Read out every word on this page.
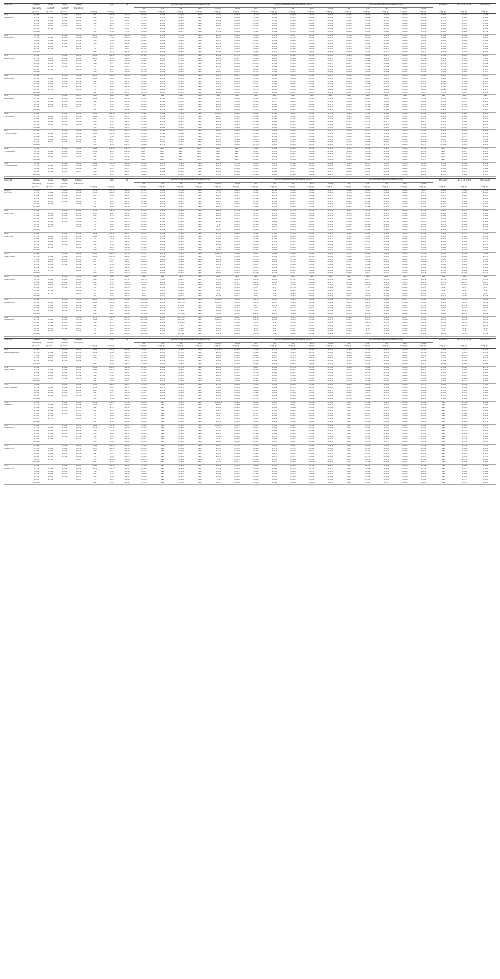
Soil ID	Mean	Low	High	Mass		OC	N	Pyrophosphate-extractable (PP)						Acid-oxalate-extractable (OX)					Dithionite-extractable (DC)					PP-extr.	Al + 0.5 Fe	DC-extr.
	density	cutoff	cutoff	fraction				Al	Fe	Si	Mn	DOC	TDN	Al	Fe	Si	Mn	TDN	Al	Fe	Si	Mn	TDN			
	g cm⁻³	g cm⁻³	g cm⁻³		mg g⁻¹	mg g⁻¹		mg g⁻¹	mg g⁻¹	mg g⁻¹	mg g⁻¹	mg g⁻¹	mg g⁻¹	mg g⁻¹	mg g⁻¹	mg g⁻¹	mg g⁻¹	mg g⁻¹	mg g⁻¹	mg g⁻¹	mg g⁻¹	mg g⁻¹	mg g⁻¹	mg g⁻¹	mg g⁻¹	mg g⁻¹
A-1	1.40		1.60	0.22	21	21.9	15.5	2.02	1.40	0.95	NA	73.5	0.64	5.74	3.61	0.84	0.13	0.41	1.40	5.95	1.34	0.03	0.38	5.28	4.35	7.56
NIA-NTb	1.70	1.60	1.80	0.09	52	4.8	10.8	1.55	1.72	0.48	NA	58.4	0.49	5.19	4.38	0.85	0.10	0.35	1.72	5.62	1.62	0.03	0.30	6.49	5.66	8.46
	1.90	1.80	2.00	0.21	28	3.1	9.0	1.13	1.21	0.29	NA	43.2	0.29	4.33	3.35	0.66	0.07	0.29	1.21	5.11	1.35	0.02	0.24	5.57	4.70	7.48
	2.11	2.00	2.25	0.27	11	1.4	7.9	0.61	0.58	0.19	NA	25.4	0.18	2.52	1.85	0.41	0.04	0.18	0.58	3.58	0.92	0.01	0.16	3.22	2.87	4.34
	2.35	2.25	2.50	0.15	5	0.7	7.1	0.33	0.30	0.10	NA	12.3	0.09	1.26	0.95	0.22	0.02	0.09	0.30	2.02	0.50	0.01	0.08	1.85	1.71	2.50
	2.55	2.50		0.06	3	0.4	6.8	0.19	0.18	0.06	NA	7.8	0.05	0.77	0.59	0.13	0.01	0.06	0.18	1.25	0.31	0.00	0.05	1.06	0.98	1.40
	BULK				13	1.9	7.4	0.88	0.89	0.27	NA	33.9	0.26	3.12	2.46	0.53	0.06	0.21	0.89	3.65	0.98	0.02	0.19	4.43	3.68	4.79
A-2	1.40		1.60	0.12	213	14.8	14.4	1.87	1.52	0.76	NA	88.1	0.63	5.86	3.74	0.87	0.12	0.42	1.52	6.21	1.20	0.03	0.35	5.44	4.56	7.62
NIA-NTb	1.70	1.60	1.80	0.10	101	7.6	13.3	1.31	1.21	0.45	NA	62.5	0.42	4.93	3.12	0.76	0.09	0.35	1.21	5.50	1.11	0.02	0.29	4.86	4.01	6.63
	1.90	1.80	2.00	0.18	45	3.8	11.8	0.91	0.82	0.28	NA	44.7	0.29	3.81	2.52	0.60	0.07	0.27	0.82	4.67	0.94	0.02	0.22	4.20	3.40	5.56
	2.11	2.00	2.25	0.31	16	1.6	10.0	0.48	0.44	0.13	NA	22.2	0.15	2.11	1.46	0.36	0.04	0.16	0.44	3.06	0.62	0.01	0.13	2.57	2.10	3.27
	2.35	2.25	2.50	0.18	7	0.8	8.8	0.25	0.22	0.07	NA	11.4	0.08	1.11	0.79	0.19	0.02	0.08	0.22	1.79	0.37	0.00	0.07	1.42	1.23	1.80
	2.55	2.50		0.11	4	0.5	8.0	0.15	0.13	0.04	NA	6.8	0.05	0.65	0.46	0.12	0.01	0.05	0.13	1.07	0.23	0.00	0.04	0.88	0.76	1.04
	BULK				29	2.3	12.6	0.79	0.69	0.26	NA	30.8	0.24	2.91	1.97	0.45	0.05	0.19	0.69	3.38	0.71	0.02	0.17	3.84	3.05	4.19
A-3	1.40		1.60	0.05	261	16.9	15.4	2.12	1.65	0.83	NA	93.6	0.71	6.23	4.05	0.91	0.13	0.45	1.65	6.60	1.27	0.03	0.39	5.82	4.83	8.05
NIA-TIb1	1.70	1.60	1.80	0.08	121	8.4	14.4	1.43	1.33	0.50	NA	68.0	0.47	5.25	3.41	0.80	0.10	0.37	1.33	5.84	1.19	0.03	0.31	5.19	4.30	7.06
	1.90	1.80	2.00	0.20	52	4.2	12.4	0.98	0.88	0.30	NA	47.9	0.31	4.07	2.69	0.63	0.07	0.28	0.88	4.96	1.00	0.02	0.23	4.47	3.63	5.93
	2.11	2.00	2.25	0.33	18	1.7	10.6	0.51	0.47	0.14	NA	23.8	0.16	2.25	1.56	0.38	0.04	0.17	0.47	3.26	0.66	0.01	0.14	2.74	2.24	3.49
	2.35	2.25	2.50	0.21	8	0.9	9.2	0.27	0.24	0.07	NA	12.2	0.08	1.18	0.84	0.20	0.02	0.09	0.24	1.90	0.39	0.00	0.07	1.51	1.31	1.92
	2.55	2.50		0.13	4	0.5	8.4	0.16	0.14	0.04	NA	7.3	0.05	0.69	0.49	0.13	0.01	0.05	0.14	1.14	0.24	0.00	0.04	0.94	0.81	1.11
	BULK				26	2.2	11.9	0.74	0.66	0.22	NA	29.6	0.21	2.73	1.86	0.43	0.05	0.18	0.66	3.29	0.69	0.01	0.16	3.62	2.90	3.97
A-4	1.40		1.60	0.06	225	11.9	18.9	2.06	1.12	0.88	NA	84.1	0.67	6.56	4.36	1.02	0.14	0.47	1.12	7.04	1.37	0.03	0.40	6.05	5.12	8.47
NIA-TIb2	1.70	1.60	1.80	0.11	104	6.0	17.3	1.39	0.93	0.55	NA	61.7	0.46	5.52	3.67	0.89	0.11	0.39	0.93	6.23	1.28	0.03	0.33	5.41	4.55	7.44
	1.90	1.80	2.00	0.19	44	2.9	15.2	0.95	0.63	0.34	NA	43.5	0.30	4.28	2.90	0.70	0.08	0.30	0.63	5.29	1.08	0.02	0.25	4.66	3.85	6.25
	2.11	2.00	2.25	0.32	15	1.2	12.5	0.49	0.34	0.16	NA	21.6	0.15	2.37	1.68	0.42	0.04	0.18	0.34	3.48	0.71	0.01	0.15	2.86	2.38	3.67
	2.35	2.25	2.50	0.20	6	0.6	10.0	0.26	0.18	0.08	NA	11.1	0.08	1.24	0.91	0.22	0.02	0.09	0.18	2.03	0.42	0.00	0.08	1.58	1.39	2.02
	2.55	2.50		0.12	3	0.4	7.5	0.15	0.10	0.05	NA	6.6	0.05	0.73	0.53	0.14	0.01	0.05	0.10	1.22	0.26	0.00	0.04	0.98	0.86	1.17
	BULK				22	1.6	13.7	0.70	0.47	0.25	NA	26.9	0.20	2.87	2.01	0.47	0.05	0.19	0.47	3.51	0.74	0.01	0.17	3.78	3.07	4.18
A-5	1.40		1.60	0.07	NA	NA	NA	NA	NA	NA	NA	NA	NA	NA	NA	NA	NA	NA	NA	NA	NA	NA	NA	NA	NA	NA
NIA-Bart	1.70	1.60	1.80	0.14	118	9.2	12.8	1.52	1.34	0.52	NA	70.1	0.48	5.40	3.50	0.82	0.10	0.38	1.34	6.02	1.22	0.03	0.32	5.33	4.42	7.25
	1.90	1.80	2.00	0.22	49	4.4	11.1	1.03	0.90	0.31	NA	49.3	0.32	4.18	2.77	0.65	0.07	0.29	0.90	5.11	1.03	0.02	0.24	4.59	3.73	6.10
	2.11	2.00	2.25	0.30	17	1.8	9.4	0.54	0.48	0.15	NA	24.5	0.16	2.31	1.60	0.39	0.04	0.17	0.48	3.36	0.68	0.01	0.14	2.81	2.30	3.59
	2.35	2.25	2.50	0.17	7	0.9	7.8	0.28	0.25	0.07	NA	12.6	0.08	1.21	0.86	0.21	0.02	0.09	0.25	1.96	0.40	0.00	0.07	1.55	1.35	1.97
	BULK				31	2.8	11.1	0.86	0.76	0.26	NA	34.5	0.24	3.17	2.16	0.50	0.05	0.21	0.76	3.82	0.80	0.02	0.18	4.20	3.37	4.61
A-6	1.40		1.60	0.03	361	20.8	17.4	3.12	1.68	1.19	NA	109.5	0.92	6.88	4.30	1.05	0.16	0.53	1.68	7.52	1.48	0.04	0.46	6.81	5.60	9.26
TKV-NPK	1.70	1.60	1.80	0.06	162	10.3	15.7	2.11	1.40	0.74	NA	80.3	0.62	5.80	3.62	0.92	0.12	0.44	1.40	6.65	1.38	0.03	0.38	6.09	4.98	8.13
	1.90	1.80	2.00	0.17	68	5.0	13.6	1.44	0.95	0.45	NA	56.6	0.41	4.50	2.86	0.72	0.09	0.34	0.95	5.65	1.16	0.02	0.29	5.24	4.21	6.83
	2.11	2.00	2.25	0.36	23	2.0	11.5	0.74	0.51	0.21	NA	28.1	0.21	2.49	1.66	0.43	0.05	0.20	0.51	3.72	0.77	0.01	0.17	3.21	2.60	4.01
	2.35	2.25	2.50	0.24	10	1.0	10.0	0.39	0.27	0.11	NA	14.4	0.11	1.30	0.90	0.23	0.02	0.10	0.27	2.17	0.45	0.00	0.09	1.78	1.52	2.21
	BULK				33	2.6	12.7	1.00	0.66	0.30	NA	38.4	0.29	3.08	2.04	0.51	0.06	0.22	0.66	3.85	0.80	0.02	0.19	4.35	3.41	4.70
A-7	1.40		1.60	0.04	323	23.5	13.7	2.79	1.88	1.07	NA	98.0	0.82	6.16	3.85	0.94	0.14	0.47	1.88	6.73	1.33	0.03	0.41	6.10	5.01	8.29
TKV-Comp	1.70	1.60	1.80	0.09	145	11.6	12.5	1.89	1.56	0.66	NA	71.9	0.55	5.19	3.24	0.82	0.11	0.39	1.56	5.95	1.24	0.03	0.34	5.45	4.46	7.28
	1.90	1.80	2.00	0.19	61	5.6	10.9	1.29	1.06	0.40	NA	50.7	0.37	4.03	2.56	0.64	0.08	0.30	1.06	5.06	1.04	0.02	0.26	4.69	3.77	6.11
	2.11	2.00	2.25	0.34	21	2.2	9.5	0.66	0.57	0.19	NA	25.2	0.19	2.23	1.49	0.38	0.04	0.18	0.57	3.33	0.69	0.01	0.15	2.87	2.33	3.59
	2.35	2.25	2.50	0.22	9	1.1	8.2	0.35	0.30	0.10	NA	12.9	0.10	1.16	0.81	0.21	0.02	0.09	0.30	1.94	0.40	0.00	0.08	1.59	1.36	1.98
	BULK				30	2.9	10.3	0.90	0.74	0.27	NA	34.4	0.26	2.76	1.83	0.46	0.05	0.20	0.74	3.45	0.72	0.02	0.17	3.89	3.05	4.21
A-8	1.40		1.60	0.05	288	12.8	22.5	NA*	NA*	NA*	NA*	NA*	NA*	5.91	3.69	0.90	0.13	0.45	1.31	6.45	1.27	0.03	0.39	NA*	4.80	7.95
TMB-NPK	1.70	1.60	1.80	0.10	130	6.3	20.6	NA*	NA*	NA*	NA*	NA*	NA*	4.97	3.10	0.79	0.10	0.38	1.09	5.70	1.19	0.03	0.33	NA*	4.27	6.97
	1.90	1.80	2.00	0.21	55	3.1	17.7	NA*	NA*	NA*	NA*	NA*	NA*	3.86	2.45	0.62	0.08	0.29	0.74	4.84	0.99	0.02	0.25	NA*	3.61	5.86
	2.11	2.00	2.25	0.35	19	1.2	15.8	NA*	NA*	NA*	NA*	NA*	NA*	2.14	1.43	0.37	0.04	0.17	0.40	3.19	0.66	0.01	0.15	NA*	2.23	3.44
	BULK				31	1.7	18.2	NA*	NA*	NA*	NA*	NA*	NA*	2.81	1.79	0.44	0.05	0.19	0.56	3.46	0.71	0.01	0.17	NA*	2.98	4.15
A-9	1.40		1.60	0.04	306	15.6	19.6	2.68	1.53	1.03	NA	94.1	0.79	6.01	3.76	0.92	0.14	0.46	1.53	6.57	1.30	0.03	0.40	5.95	4.89	8.09
TMB-Straw	1.70	1.60	1.80	0.09	138	7.6	18.2	1.82	1.27	0.64	NA	69.1	0.53	5.06	3.16	0.80	0.11	0.38	1.27	5.81	1.21	0.03	0.33	5.32	4.35	7.10
	1.90	1.80	2.00	0.20	58	3.7	15.7	1.24	0.86	0.39	NA	48.7	0.36	3.93	2.50	0.63	0.08	0.29	0.86	4.94	1.01	0.02	0.26	4.58	3.68	5.96
	2.11	2.00	2.25	0.27	20	1.4	14.3	0.64	0.46	0.18	NA	24.2	0.18	2.17	1.46	0.37	0.04	0.17	0.46	3.25	0.67	0.01	0.15	2.80	2.27	3.51
	BULK				35	2.1	16.7	0.97	0.70	0.30	NA	37.5	0.28	2.92	1.92	0.48	0.05	0.21	0.70	3.67	0.76	0.02	0.18	4.15	3.26	4.47
Soil ID	Mean	Low	High	Mass		OC	N	Pyrophosphate-extractable (PP)						Acid-oxalate-extractable (OX)					Dithionite-extractable (DC)					PP-extr.	Al + 0.5 Fe	DC-extr.
	density	cutoff	cutoff	fraction				Al	Fe	Si	Mn	DOC	TDN	Al	Fe	Si	Mn	TDN	Al	Fe	Si	Mn	TDN			
	g cm⁻³	g cm⁻³	g cm⁻³		mg g⁻¹	mg g⁻¹		mg g⁻¹	mg g⁻¹	mg g⁻¹	mg g⁻¹	mg g⁻¹	mg g⁻¹	mg g⁻¹	mg g⁻¹	mg g⁻¹	mg g⁻¹	mg g⁻¹	mg g⁻¹	mg g⁻¹	mg g⁻¹	mg g⁻¹	mg g⁻¹	mg g⁻¹	mg g⁻¹	mg g⁻¹
A-10	1.40		1.60	0.02	376	22.3	16.9	2.55	1.90	0.76	NA	78.0	0.61	3.94	2.58	0.56	0.10	0.27	1.90	4.84	0.95	0.02	0.21	4.69	3.82	5.51
MTT-A	1.70	1.60	1.80	0.06	155	10.2	15.2	1.73	1.55	0.48	NA	57.2	0.41	3.32	2.17	0.49	0.08	0.22	1.55	4.29	0.88	0.02	0.17	4.17	3.40	4.85
	1.90	1.80	2.00	0.13	63	4.6	13.7	1.18	1.04	0.29	NA	40.3	0.27	2.57	1.72	0.38	0.06	0.17	1.04	3.64	0.74	0.01	0.13	3.57	2.88	4.07
	2.11	2.00	2.25	0.47	21	1.7	12.4	0.61	0.56	0.14	NA	20.0	0.14	1.42	1.00	0.23	0.03	0.10	0.56	2.40	0.49	0.01	0.08	2.18	1.78	2.39
	2.35	2.25	2.50	0.24	9	0.8	11.3	0.32	0.29	0.07	NA	10.3	0.07	0.74	0.54	0.12	0.01	0.05	0.29	1.40	0.29	0.00	0.04	1.20	1.04	1.31
	2.55	2.50		0.08	4	0.4	10.0	0.19	0.18	0.04	NA	6.1	0.04	0.43	0.32	0.07	0.01	0.03	0.18	0.84	0.17	0.00	0.03	0.70	0.62	0.76
	BULK				24	1.8	13.2	0.70	0.65	0.17	NA	22.9	0.17	1.64	1.14	0.26	0.03	0.11	0.65	2.58	0.54	0.01	0.09	2.62	2.09	2.82
N-1	1.40		1.60	0.01	334	19.0	17.6	2.20	1.25	0.96	NA	89.4	0.74	5.10	3.24	0.73	0.11	0.39	1.25	5.79	1.11	0.03	0.34	5.20	4.11	6.89
KWT-A1	1.70	1.60	1.80	0.04	147	9.2	16.0	1.49	1.04	0.60	NA	65.6	0.50	4.30	2.72	0.64	0.09	0.33	1.04	5.12	1.03	0.02	0.28	4.63	3.66	6.05
	1.90	1.80	2.00	0.11	61	4.3	14.2	1.02	0.70	0.36	NA	46.2	0.33	3.33	2.16	0.50	0.06	0.25	0.70	4.35	0.87	0.02	0.22	3.96	3.10	5.08
	2.11	2.00	2.25	0.40	20	1.6	12.5	0.53	0.38	0.17	NA	22.9	0.17	1.85	1.25	0.30	0.03	0.15	0.38	2.86	0.58	0.01	0.13	2.43	1.92	2.98
	2.35	2.25	2.50	0.29	9	0.8	11.3	0.28	0.20	0.09	NA	11.8	0.09	0.96	0.68	0.16	0.02	0.08	0.20	1.67	0.34	0.00	0.07	1.34	1.12	1.64
	2.55	2.50		0.10	4	0.4	10.0	0.16	0.12	0.05	NA	7.0	0.05	0.56	0.40	0.09	0.01	0.04	0.12	0.99	0.20	0.00	0.04	0.78	0.66	0.95
	2.71	2.75		0.05	2	0.2	10.0	0.09	0.07	0.03	NA	4.1	0.03	0.33	0.23	0.05	0.01	0.03	0.07	0.59	0.12	0.00	0.02	0.46	0.39	0.56
	BULK				21	1.6	13.1	0.66	0.46	0.21	NA	25.0	0.20	2.06	1.37	0.33	0.04	0.16	0.46	2.92	0.60	0.01	0.14	2.81	2.23	3.32
N-2	1.40		1.60	0.01	419	25.1	16.7	2.63	1.62	1.06	NA	97.5	0.82	5.41	3.45	0.78	0.12	0.41	1.62	6.14	1.18	0.03	0.36	5.56	4.37	7.31
KWT-A2	1.70	1.60	1.80	0.04	184	12.1	15.2	1.78	1.35	0.66	NA	71.5	0.55	4.56	2.90	0.68	0.09	0.35	1.35	5.43	1.09	0.02	0.30	4.95	3.90	6.42
	1.90	1.80	2.00	0.12	77	5.6	13.8	1.21	0.91	0.40	NA	50.4	0.37	3.54	2.30	0.54	0.07	0.27	0.91	4.61	0.92	0.02	0.23	4.24	3.30	5.39
	2.11	2.00	2.25	0.43	25	2.1	11.9	0.63	0.49	0.19	NA	25.0	0.18	1.96	1.34	0.32	0.04	0.16	0.49	3.03	0.61	0.01	0.14	2.60	2.05	3.17
	2.35	2.25	2.50	0.27	11	1.0	11.0	0.33	0.26	0.10	NA	12.9	0.09	1.02	0.73	0.17	0.02	0.08	0.26	1.77	0.36	0.00	0.07	1.43	1.20	1.74
	2.55	2.50		0.09	5	0.5	10.0	0.19	0.15	0.06	NA	7.6	0.06	0.60	0.43	0.10	0.01	0.05	0.15	1.05	0.21	0.00	0.04	0.84	0.70	1.01
	BULK				26	2.0	13.0	0.79	0.59	0.24	NA	27.6	0.22	2.19	1.46	0.35	0.04	0.17	0.59	3.11	0.64	0.01	0.15	3.03	2.38	3.54
N-3	1.40		1.60	0.02	441	24.8	17.8	2.77	1.71	1.11	NA	102.4	0.86	5.67	3.62	0.82	0.12	0.43	1.71	6.44	1.24	0.03	0.38	5.83	4.59	7.66
KWT-2A3	1.70	1.60	1.80	0.05	193	12.0	16.1	1.87	1.42	0.69	NA	75.1	0.58	4.78	3.04	0.72	0.10	0.36	1.42	5.70	1.14	0.03	0.32	5.19	4.09	6.73
	1.90	1.80	2.00	0.13	81	5.5	14.7	1.27	0.96	0.42	NA	52.9	0.39	3.72	2.42	0.56	0.07	0.28	0.96	4.84	0.97	0.02	0.24	4.45	3.46	5.65
	2.11	2.00	2.25	0.39	27	2.1	12.9	0.66	0.51	0.20	NA	26.3	0.19	2.06	1.41	0.33	0.04	0.16	0.51	3.18	0.64	0.01	0.14	2.73	2.15	3.32
	2.35	2.25	2.50	0.28	11	1.0	11.0	0.35	0.27	0.10	NA	13.5	0.10	1.07	0.76	0.18	0.02	0.09	0.27	1.86	0.38	0.00	0.08	1.50	1.26	1.82
	2.55	2.50		0.09	5	0.5	10.0	0.20	0.16	0.06	NA	8.0	0.06	0.63	0.45	0.11	0.01	0.05	0.16	1.10	0.22	0.00	0.04	0.88	0.74	1.06
	2.71	2.75		0.04	3	0.3	10.0	0.12	0.09	0.03	NA	4.7	0.03	0.37	0.26	0.06	0.01	0.03	0.09	0.65	0.13	0.00	0.03	0.52	0.44	0.62
	BULK				28	2.1	13.3	0.83	0.62	0.25	NA	29.0	0.23	2.30	1.54	0.37	0.04	0.18	0.62	3.27	0.67	0.01	0.16	3.18	2.50	3.72
N-4	1.40		1.60	0.01	NA	NA	NA	NA	NA	NA	NA	NA	NA	NA	NA	NA	NA	NA	NA	NA	NA	NA	NA	NA	NA	NA
KWT-Bhs	1.70	1.60	1.80	0.03	96	5.6	17.1	23.5	7.81	0.47	NA	71.3	0.52	23.2	19.6	2.71	0.08	0.34	7.81	23.7	5.18	0.06	0.29	27.4	32.8	33.0
	1.90	1.80	2.00	0.10	49	2.9	16.9	17.6	6.09	0.32	NA	55.2	0.37	18.4	15.8	2.25	0.06	0.27	6.09	20.1	4.41	0.05	0.23	21.5	26.7	26.7
	2.11	2.00	2.25	0.37	18	1.2	15.0	9.4	3.38	0.16	NA	28.9	0.19	10.4	8.9	1.30	0.03	0.16	3.38	12.8	2.81	0.03	0.14	12.3	15.2	15.0
	2.35	2.25	2.50	0.30	8	0.6	13.3	4.9	1.81	0.08	NA	15.0	0.10	5.5	4.7	0.70	0.02	0.08	1.81	7.4	1.64	0.02	0.07	6.8	8.3	8.1
	2.55	2.50		0.12	4	0.3	13.3	2.9	1.07	0.05	NA	8.8	0.06	3.2	2.8	0.41	0.01	0.05	1.07	4.4	0.98	0.01	0.04	4.0	4.9	4.8
	2.71	2.75		0.07	2	0.2	10.0	1.7	0.64	0.03	NA	5.2	0.03	1.9	1.6	0.24	0.01	0.03	0.64	2.6	0.58	0.01	0.03	2.4	2.9	2.8
	BULK				17	1.1	15.5	8.6	3.07	0.15	NA	25.0	0.17	9.2	7.8	1.15	0.03	0.14	3.07	10.9	2.39	0.03	0.12	11.3	13.8	13.6
S-1	1.40		1.60	0.05	420	25.9	16.2	30.26	0.73	26.14	NA	131.2	1.06	30.5	16.8	2.25	0.24	0.58	0.73	22.1	6.90	0.07	0.49	34.4	37.4	38.8
MBB-CN	1.70	1.60	1.80	0.18	202	12.9	15.7	25.48	0.61	20.73	NA	105.5	0.81	25.9	14.3	1.93	0.19	0.49	0.61	19.1	5.94	0.06	0.41	29.5	32.2	32.9
	1.90	1.80	2.00	0.29	86	6.0	14.3	18.33	0.45	13.61	NA	75.8	0.54	18.7	10.4	1.40	0.14	0.36	0.45	14.6	4.50	0.05	0.30	21.9	23.9	24.0
	2.11	2.00	2.25	0.31	29	2.3	12.6	9.56	0.24	6.51	NA	38.9	0.27	9.8	5.5	0.75	0.07	0.19	0.24	8.6	2.66	0.03	0.16	11.9	13.1	12.9
	2.35	2.25	2.50	0.12	12	1.1	10.9	4.93	0.12	3.29	NA	19.8	0.14	5.0	2.9	0.39	0.04	0.10	0.12	4.8	1.49	0.02	0.08	6.3	6.9	6.7
	BULK				89	6.1	14.6	17.95	0.43	13.84	NA	72.8	0.53	18.2	10.2	1.38	0.14	0.36	0.43	13.6	4.24	0.04	0.30	21.0	22.7	22.9
S-2	1.40		1.60	0.02	279	11.4	24.5	26.08	0.80	28.76	NA	126.8	1.02	29.2	16.0	2.15	0.23	0.55	0.80	21.2	6.61	0.07	0.47	33.0	35.9	37.2
MBB-DD	1.70	1.60	1.80	0.10	136	5.7	23.9	21.96	0.67	22.82	NA	102.0	0.78	24.8	13.6	1.85	0.18	0.47	0.67	18.3	5.69	0.06	0.40	28.3	30.9	31.5
	1.90	1.80	2.00	0.24	58	2.7	21.5	15.80	0.49	14.98	NA	73.3	0.52	17.9	9.9	1.34	0.13	0.34	0.49	14.0	4.31	0.05	0.29	21.0	22.9	23.0
	2.11	2.00	2.25	0.36	20	1.0	20.0	8.24	0.26	7.17	NA	37.6	0.26	9.4	5.3	0.72	0.07	0.18	0.26	8.2	2.55	0.03	0.15	11.4	12.6	12.4
	2.35	2.25	2.50	0.17	9	0.5	18.0	4.25	0.13	3.62	NA	19.1	0.13	4.8	2.8	0.37	0.04	0.10	0.13	4.6	1.43	0.02	0.08	6.0	6.6	6.4
	2.55	2.50		0.11	4	0.3	13.3	2.49	0.08	2.12	NA	11.2	0.08	2.8	1.6	0.22	0.02	0.06	0.08	2.7	0.84	0.01	0.05	3.5	3.9	3.7
	BULK				45	2.2	20.3	12.16	0.37	11.52	NA	55.9	0.40	13.6	7.6	1.03	0.10	0.26	0.37	10.6	3.29	0.03	0.22	16.2	17.6	17.6
Soil ID	Mean	Low	High	Mass		OC	N	Pyrophosphate-extractable (PP)						Acid-oxalate-extractable (OX)					Dithionite-extractable (DC)					PP-extr.	Al + 0.5 Fe	DC-extr.
	density	cutoff	cutoff	fraction				Al	Fe	Si	Mn	DOC	TDN	Al	Fe	Si	Mn	TDN	Al	Fe	Si	Mn	TDN			
	g cm⁻³	g cm⁻³	g cm⁻³		mg g⁻¹	mg g⁻¹		mg g⁻¹	mg g⁻¹	mg g⁻¹	mg g⁻¹	mg g⁻¹	mg g⁻¹	mg g⁻¹	mg g⁻¹	mg g⁻¹	mg g⁻¹	mg g⁻¹	mg g⁻¹	mg g⁻¹	mg g⁻¹	mg g⁻¹	mg g⁻¹	mg g⁻¹	mg g⁻¹	mg g⁻¹
C-1	1.40		1.60	0.03	208	12.9	16.1	4.22	1.93	1.16	NA	113.1	0.92	7.09	4.31	1.06	0.16	0.53	1.93	7.72	1.51	0.04	0.46	7.06	5.75	9.51
NGK-Manure	1.70	1.60	1.80	0.15	101	6.6	15.3	3.14	1.61	0.72	NA	82.9	0.62	5.98	3.64	0.93	0.13	0.44	1.61	6.83	1.41	0.03	0.38	6.31	5.12	8.35
	1.90	1.80	2.00	0.33	45	3.2	14.1	2.14	1.09	0.44	NA	58.4	0.41	4.64	2.87	0.73	0.09	0.34	1.09	5.80	1.19	0.02	0.29	5.43	4.32	7.01
	2.11	2.00	2.25	0.31	16	1.3	12.3	1.10	0.58	0.21	NA	29.0	0.21	2.56	1.67	0.43	0.05	0.20	0.58	3.82	0.79	0.01	0.17	3.33	2.67	4.11
	2.35	2.25	2.50	0.12	7	0.6	11.7	0.58	0.31	0.11	NA	14.9	0.11	1.34	0.90	0.23	0.02	0.10	0.31	2.23	0.46	0.00	0.09	1.84	1.56	2.27
	BULK				40	2.8	14.3	1.98	1.01	0.45	NA	51.7	0.38	4.12	2.59	0.65	0.08	0.31	1.01	5.11	1.05	0.02	0.27	4.88	3.91	6.06
C-2	1.40		1.60	0.02	381	22.9	16.6	2.11	1.26	0.79	NA	86.0	0.71	4.87	2.94	0.74	0.11	0.38	1.26	5.49	1.08	0.03	0.33	4.99	4.02	6.71
WKY-NPK	1.70	1.60	1.80	0.11	168	11.1	15.1	1.43	1.05	0.49	NA	63.1	0.48	4.11	2.48	0.65	0.09	0.32	1.05	4.86	1.01	0.02	0.27	4.45	3.58	5.89
	1.90	1.80	2.00	0.30	70	5.1	13.7	0.97	0.71	0.30	NA	44.4	0.32	3.19	1.96	0.51	0.06	0.24	0.71	4.13	0.85	0.02	0.21	3.82	3.02	4.94
	2.11	2.00	2.25	0.38	24	1.9	12.6	0.50	0.38	0.14	NA	22.0	0.16	1.76	1.14	0.30	0.03	0.14	0.38	2.72	0.56	0.01	0.12	2.35	1.87	2.90
	2.35	2.25	2.50	0.15	10	0.9	11.1	0.26	0.20	0.07	NA	11.3	0.08	0.92	0.61	0.16	0.02	0.07	0.20	1.59	0.33	0.00	0.06	1.30	1.09	1.60
	BULK				41	3.0	13.7	0.72	0.53	0.24	NA	33.6	0.26	2.40	1.53	0.39	0.05	0.18	0.53	3.19	0.66	0.01	0.16	3.22	2.57	3.96
C-3	1.40		1.60	0.02	343	20.5	16.7	2.39	1.41	0.89	NA	97.1	0.80	5.51	3.32	0.84	0.12	0.43	1.41	6.20	1.22	0.03	0.37	5.64	4.54	7.58
WKY-Straw	1.70	1.60	1.80	0.12	151	9.9	15.3	1.62	1.17	0.55	NA	71.2	0.54	4.64	2.80	0.73	0.10	0.36	1.17	5.49	1.14	0.03	0.31	5.03	4.04	6.65
	1.90	1.80	2.00	0.29	63	4.6	13.7	1.10	0.79	0.34	NA	50.2	0.36	3.60	2.21	0.57	0.07	0.27	0.79	4.66	0.96	0.02	0.24	4.32	3.41	5.58
	2.11	2.00	2.25	0.37	22	1.7	12.9	0.57	0.42	0.16	NA	24.9	0.18	1.99	1.29	0.34	0.04	0.16	0.42	3.07	0.63	0.01	0.14	2.65	2.11	3.28
	2.35	2.25	2.50	0.16	9	0.8	11.3	0.30	0.22	0.08	NA	12.8	0.09	1.04	0.69	0.18	0.02	0.08	0.22	1.80	0.37	0.00	0.07	1.47	1.23	1.81
	BULK				38	2.8	13.6	0.82	0.59	0.27	NA	37.7	0.29	2.71	1.73	0.44	0.05	0.20	0.59	3.60	0.74	0.01	0.18	3.64	2.90	4.47
C-4	1.40		1.60	0.04	329	19.4	17.0	4.25	NA	1.35	NA	115.0	0.95	6.54	3.95	1.00	0.15	0.51	BD	7.36	1.45	0.04	0.44	NA	5.39	9.00
MNG-A	1.70	1.60	1.80	0.09	151	9.7	15.6	3.06	NA	0.84	NA	84.4	0.64	5.51	3.33	0.87	0.12	0.42	BD	6.52	1.35	0.03	0.36	NA	4.80	7.90
	1.90	1.80	2.00	0.22	64	4.5	14.2	2.08	NA	0.51	NA	59.4	0.42	4.28	2.63	0.68	0.08	0.32	BD	5.53	1.14	0.02	0.28	NA	4.05	6.63
	2.11	2.00	2.25	0.37	22	1.7	12.9	1.08	NA	0.24	NA	29.5	0.22	2.37	1.53	0.40	0.04	0.19	BD	3.65	0.75	0.01	0.16	NA	2.50	3.89
	2.35	2.25	2.50	0.17	9	0.8	11.3	0.56	NA	0.13	NA	15.2	0.11	1.23	0.82	0.21	0.02	0.10	BD	2.13	0.44	0.00	0.08	NA	1.46	2.15
	2.55	2.50		0.08	4	0.4	10.0	0.33	NA	0.08	NA	9.0	0.07	0.73	0.48	0.12	0.01	0.06	BD	1.27	0.26	0.00	0.05	NA	0.86	1.26
	2.71	2.75		0.03	2	0.2	10.0	0.20	NA	0.05	NA	5.3	0.04	0.43	0.29	0.07	0.01	0.04	BD	0.75	0.16	0.00	0.03	NA	0.51	0.74
	BULK				41	2.9	14.1	1.60	NA	0.41	NA	43.3	0.33	3.26	2.05	0.52	0.06	0.24	BD	4.10	0.85	0.02	0.21	NA	3.06	4.74
C-5	1.40		1.60	0.03	390	23.9	16.3	3.48	NA	1.06	NA	102.6	0.85	5.97	3.61	0.91	0.14	0.46	BD	6.72	1.32	0.03	0.40	NA	4.92	8.21
KIN-STL	1.70	1.60	1.80	0.10	176	11.8	14.9	2.51	NA	0.66	NA	75.3	0.57	5.03	3.04	0.80	0.11	0.38	BD	5.95	1.23	0.03	0.33	NA	4.38	7.21
	1.90	1.80	2.00	0.24	74	5.4	13.7	1.71	NA	0.40	NA	53.0	0.38	3.91	2.40	0.62	0.08	0.29	BD	5.05	1.04	0.02	0.25	NA	3.70	6.05
	2.11	2.00	2.25	0.36	25	2.0	12.5	0.89	NA	0.19	NA	26.3	0.20	2.16	1.40	0.36	0.04	0.17	BD	3.33	0.68	0.01	0.15	NA	2.28	3.55
	2.35	2.25	2.50	0.16	10	0.9	11.1	0.46	NA	0.10	NA	13.6	0.10	1.12	0.75	0.19	0.02	0.09	BD	1.95	0.40	0.00	0.08	NA	1.33	1.96
	2.55	2.50		0.07	5	0.5	10.0	0.27	NA	0.06	NA	8.0	0.06	0.66	0.44	0.11	0.01	0.05	BD	1.16	0.24	0.00	0.04	NA	0.79	1.15
	BULK				45	3.2	14.1	1.33	NA	0.32	NA	39.6	0.30	2.97	1.87	0.47	0.06	0.22	BD	3.74	0.77	0.02	0.19	NA	2.79	4.33
C-6	1.40		1.60	0.03	348	20.6	16.9	3.10	NA	0.95	NA	91.5	0.76	5.33	3.22	0.81	0.12	0.41	BD	6.00	1.18	0.03	0.36	NA	4.39	7.33
KIN-17S	1.70	1.60	1.80	0.11	157	10.2	15.4	2.24	NA	0.59	NA	67.2	0.51	4.49	2.71	0.71	0.10	0.34	BD	5.31	1.10	0.02	0.30	NA	3.91	6.43
	1.90	1.80	2.00	0.25	66	4.7	14.0	1.53	NA	0.36	NA	47.3	0.34	3.49	2.14	0.55	0.07	0.26	BD	4.51	0.93	0.02	0.23	NA	3.30	5.40
	2.11	2.00	2.25	0.35	22	1.7	12.9	0.79	NA	0.17	NA	23.5	0.18	1.93	1.25	0.32	0.04	0.15	BD	2.97	0.61	0.01	0.13	NA	2.03	3.17
	2.35	2.25	2.50	0.16	9	0.8	11.3	0.41	NA	0.09	NA	12.1	0.09	1.00	0.67	0.17	0.02	0.08	BD	1.74	0.36	0.00	0.07	NA	1.19	1.75
	2.55	2.50		0.07	4	0.4	10.0	0.24	NA	0.05	NA	7.1	0.05	0.59	0.39	0.10	0.01	0.05	BD	1.03	0.21	0.00	0.04	NA	0.70	1.03
	BULK				40	2.8	14.3	1.19	NA	0.29	NA	35.3	0.27	2.65	1.67	0.42	0.05	0.20	BD	3.34	0.69	0.01	0.17	NA	2.49	3.86
C-7	1.40		1.60	0.03	380	22.6	16.8	3.38	NA	1.04	NA	99.9	0.83	5.82	3.52	0.89	0.13	0.45	BD	6.55	1.29	0.03	0.39	NA	4.80	8.00
KIN-27S	1.70	1.60	1.80	0.10	171	11.3	15.1	2.44	NA	0.64	NA	73.3	0.56	4.90	2.96	0.78	0.11	0.37	BD	5.80	1.20	0.03	0.32	NA	4.27	7.02
	1.90	1.80	2.00	0.24	72	5.2	13.8	1.67	NA	0.39	NA	51.6	0.37	3.81	2.34	0.60	0.07	0.28	BD	4.92	1.01	0.02	0.25	NA	3.60	5.89
	2.11	2.00	2.25	0.36	24	1.9	12.6	0.86	NA	0.19	NA	25.6	0.19	2.11	1.36	0.35	0.04	0.17	BD	3.24	0.67	0.01	0.14	NA	2.22	3.46
	2.35	2.25	2.50	0.17	10	0.9	11.1	0.45	NA	0.10	NA	13.2	0.10	1.09	0.73	0.19	0.02	0.09	BD	1.90	0.39	0.00	0.08	NA	1.30	1.91
	2.55	2.50		0.07	5	0.5	10.0	0.26	NA	0.06	NA	7.8	0.06	0.64	0.43	0.11	0.01	0.05	BD	1.13	0.23	0.00	0.04	NA	0.77	1.12
	BULK				44	3.1	14.2	1.30	NA	0.31	NA	38.5	0.29	2.89	1.82	0.46	0.06	0.22	BD	3.64	0.75	0.02	0.19	NA	2.72	4.21
